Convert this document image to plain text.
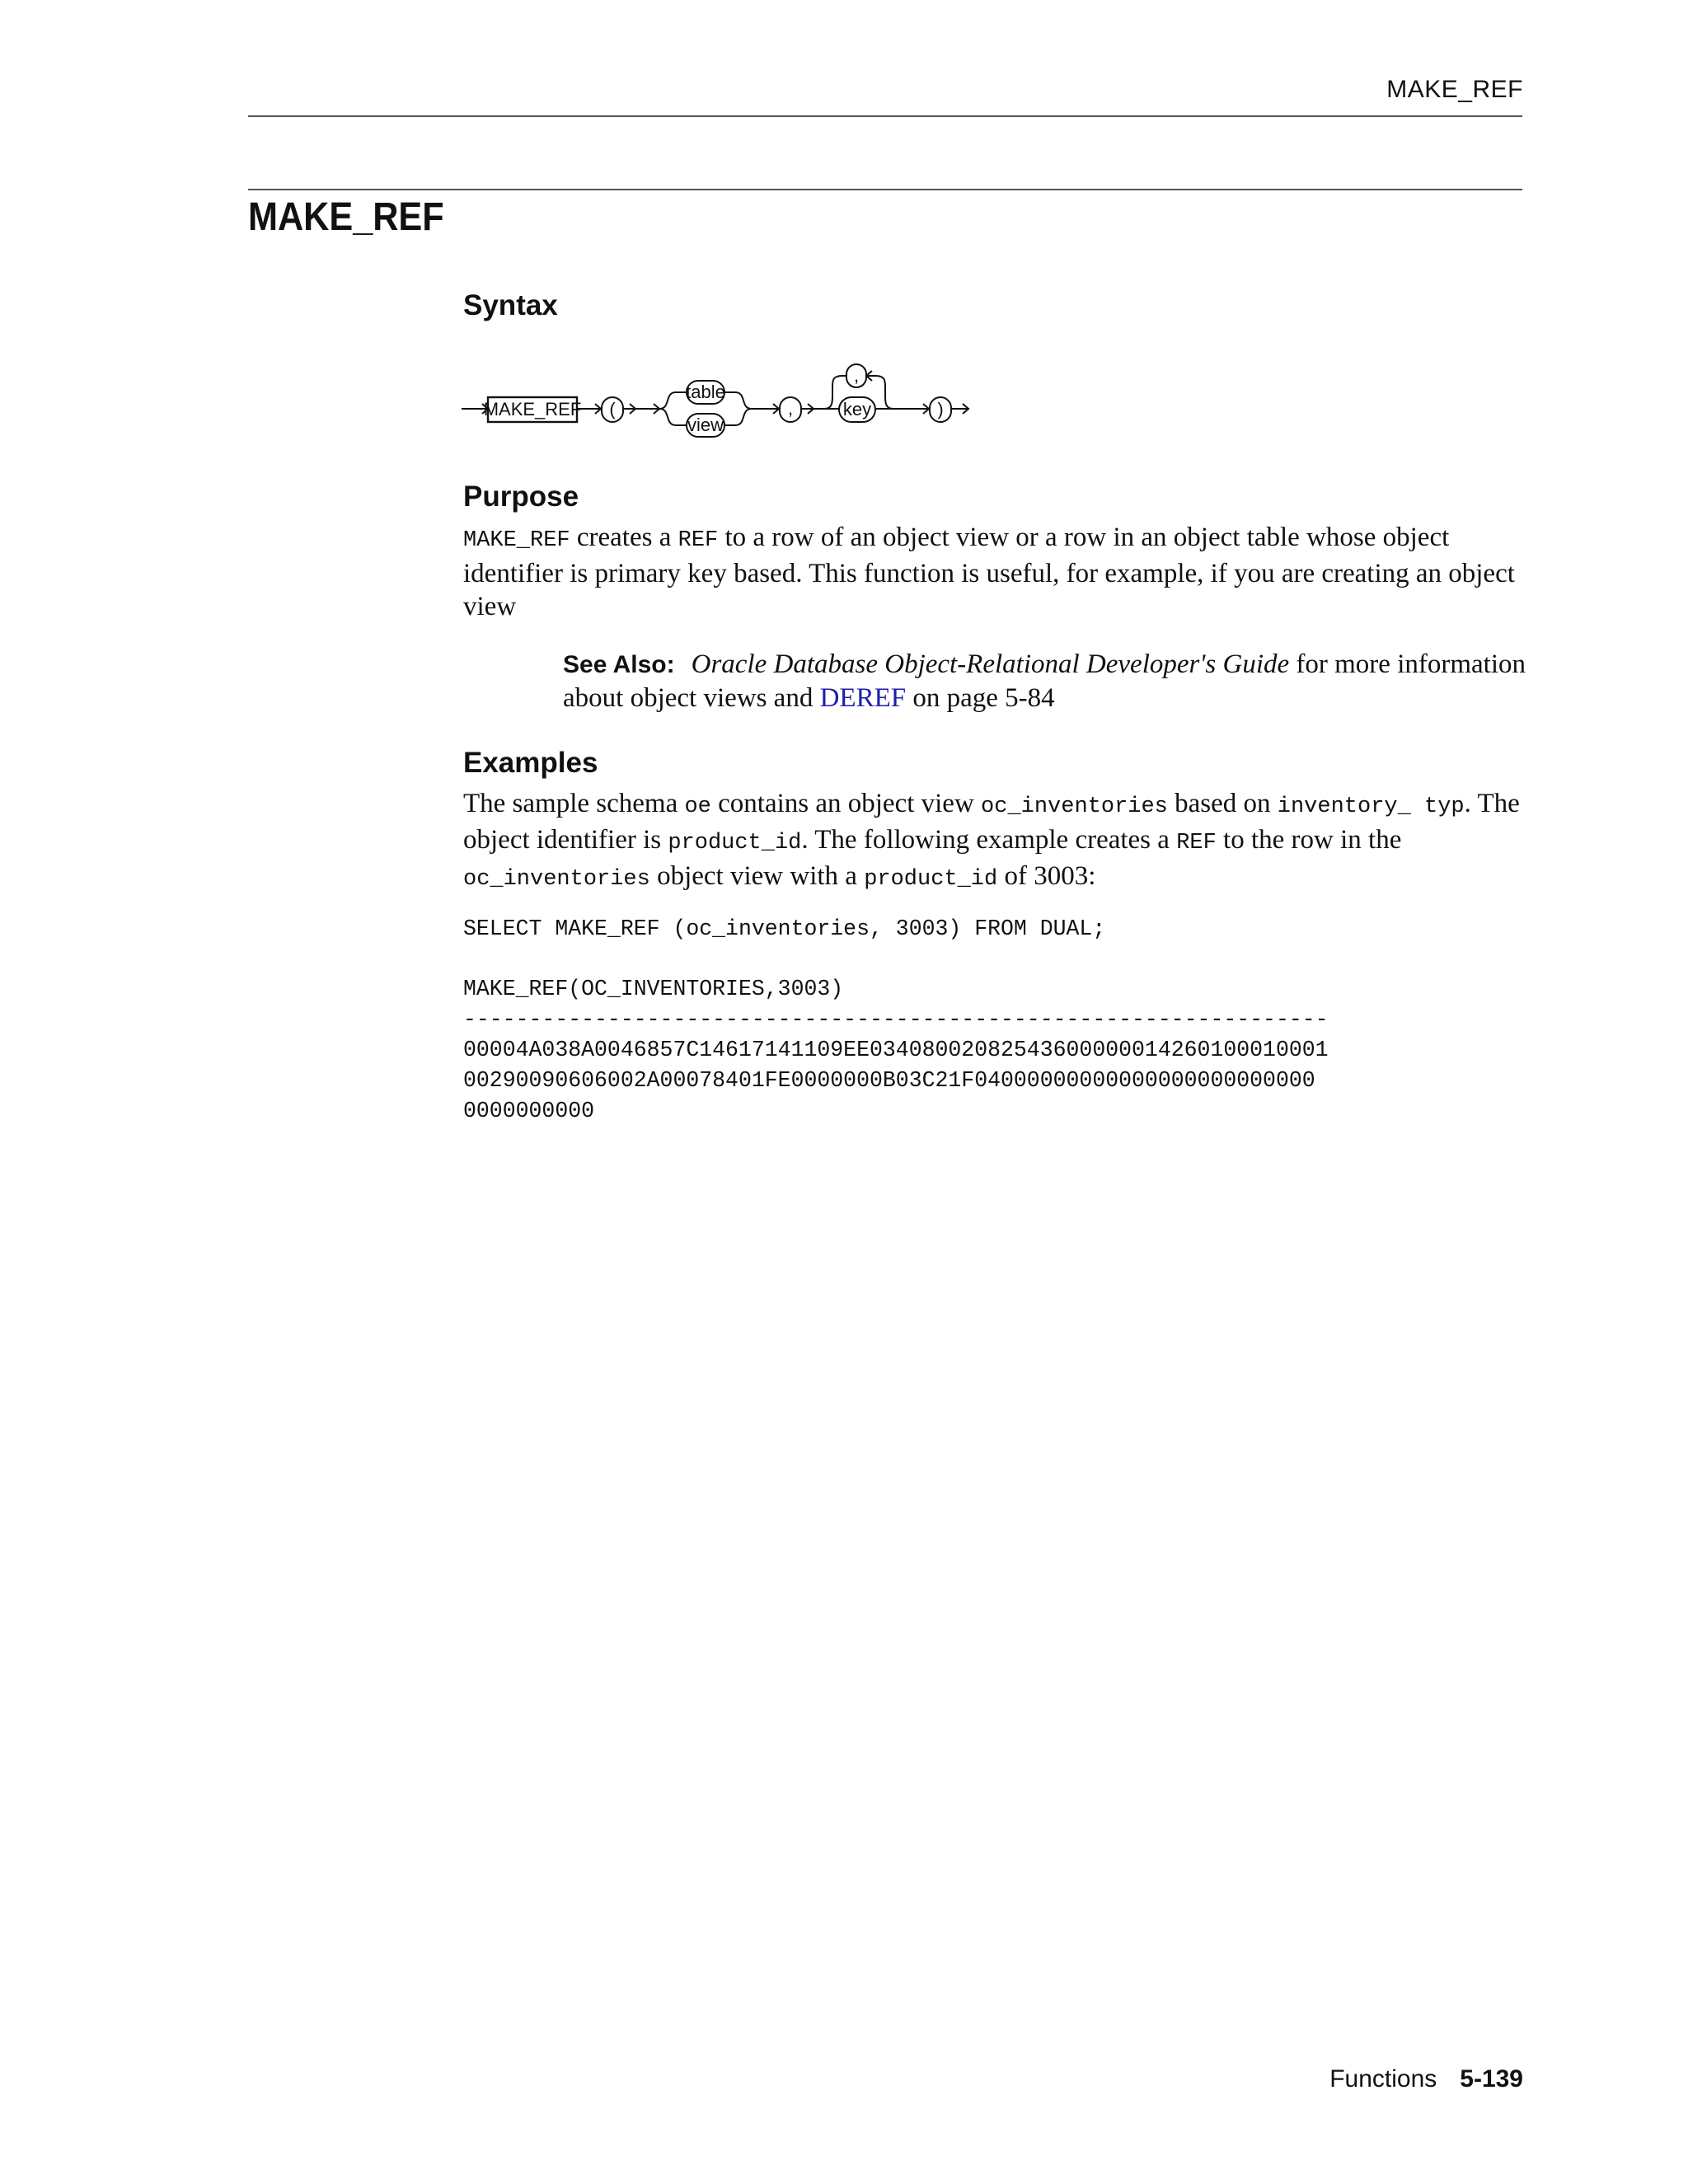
MAKE_REF
MAKE_REF
Syntax
MAKE_REF (
table
view
,	key
,
)
Purpose

MAKE_REF creates a REF to a row of an object view or a row in an object table whose object identifier is primary key based. This function is useful, for example, if you are creating an object view

See Also: Oracle Database Object-Relational Developer's Guide for more information about object views and DEREF on page 5-84
Examples

The sample schema oe contains an object view oc_inventories based on inventory_ typ. The object identifier is product_id. The following example creates a REF to the row in the oc_inventories object view with a product_id of 3003:

SELECT MAKE_REF (oc_inventories, 3003) FROM DUAL;
MAKE_REF(OC_INVENTORIES,3003)
------------------------------------------------------------------
00004A038A0046857C14617141109EE03408002082543600000014260100010001
00290090606002A00078401FE0000000B03C21F04000000000000000000000000
0000000000
Functions 5-139
